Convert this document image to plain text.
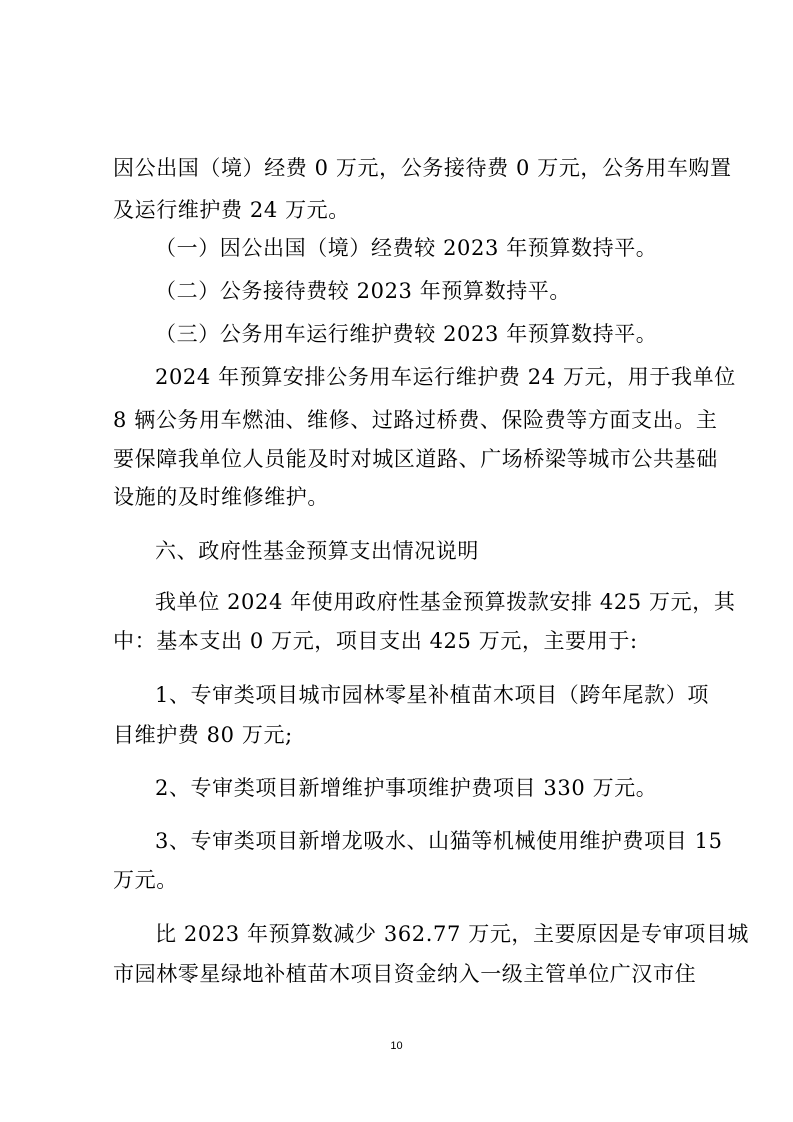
因公出国（境）经费 0 万元，公务接待费 0 万元，公务用车购置
及运行维护费 24 万元。
（一）因公出国（境）经费较 2023 年预算数持平。
（二）公务接待费较 2023 年预算数持平。
（三）公务用车运行维护费较 2023 年预算数持平。
2024 年预算安排公务用车运行维护费 24 万元，用于我单位
8 辆公务用车燃油、维修、过路过桥费、保险费等方面支出。主
要保障我单位人员能及时对城区道路、广场桥梁等城市公共基础
设施的及时维修维护。
六、政府性基金预算支出情况说明
我单位 2024 年使用政府性基金预算拨款安排 425 万元，其
中：基本支出 0 万元，项目支出 425 万元，主要用于:
1、专审类项目城市园林零星补植苗木项目（跨年尾款）项
目维护费 80 万元;
2、专审类项目新增维护事项维护费项目 330 万元。
3、专审类项目新增龙吸水、山猫等机械使用维护费项目 15
万元。
比 2023 年预算数减少 362.77 万元，主要原因是专审项目城
市园林零星绿地补植苗木项目资金纳入一级主管单位广汉市住
10
